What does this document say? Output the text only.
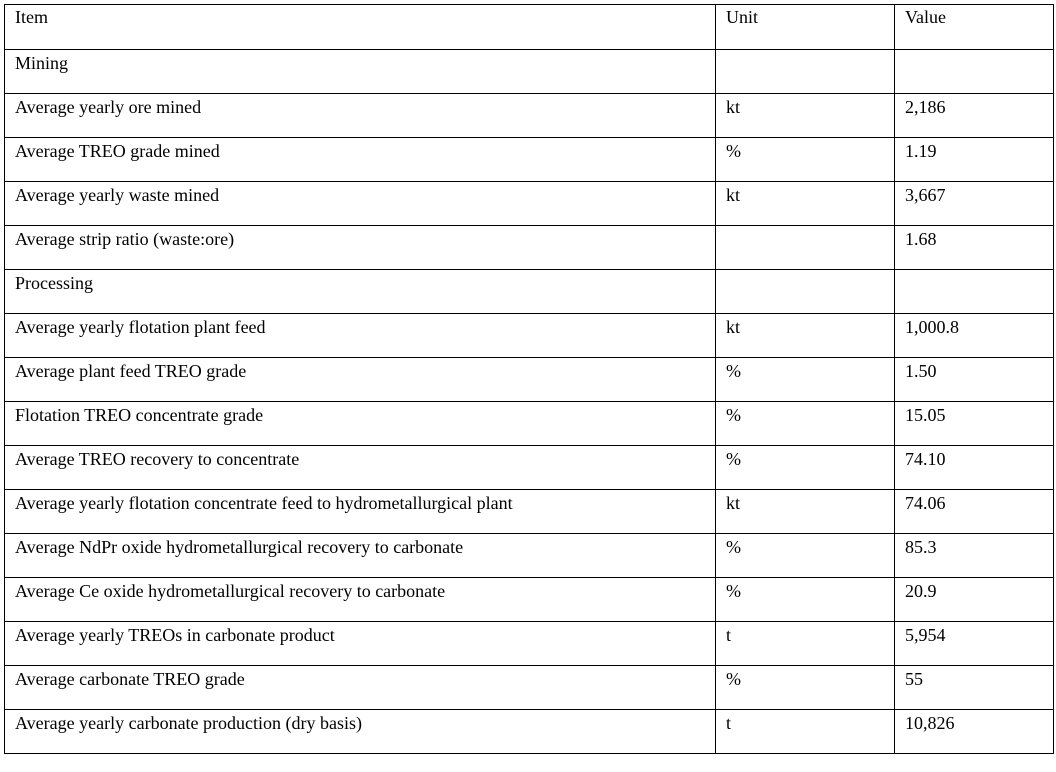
Item	Unit	Value
Mining		
Average yearly ore mined	kt	2,186
Average TREO grade mined	%	1.19
Average yearly waste mined	kt	3,667
Average strip ratio (waste:ore)		1.68
Processing		
Average yearly flotation plant feed	kt	1,000.8
Average plant feed TREO grade	%	1.50
Flotation TREO concentrate grade	%	15.05
Average TREO recovery to concentrate	%	74.10
Average yearly flotation concentrate feed to hydrometallurgical plant	kt	74.06
Average NdPr oxide hydrometallurgical recovery to carbonate	%	85.3
Average Ce oxide hydrometallurgical recovery to carbonate	%	20.9
Average yearly TREOs in carbonate product	t	5,954
Average carbonate TREO grade	%	55
Average yearly carbonate production (dry basis)	t	10,826
